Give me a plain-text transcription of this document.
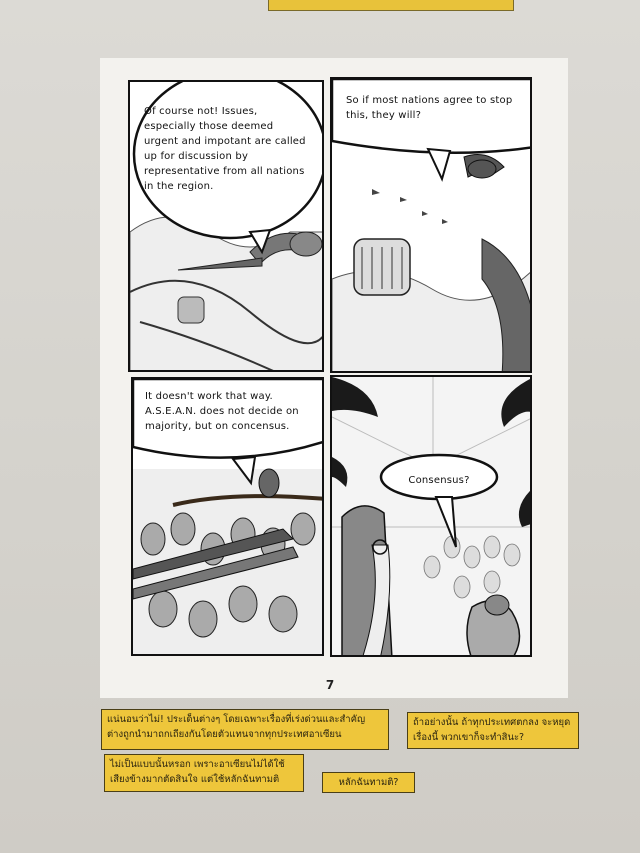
Of course not! Issues, especially those deemed urgent and impotant are called up for discussion by representative from all nations in the region.
So if most nations agree to stop this, they will?
It doesn't work that way. A.S.E.A.N. does not decide on majority, but on concensus.
Consensus?
7
แน่นอนว่าไม่! ประเด็นต่างๆ โดยเฉพาะเรื่องที่เร่งด่วนและสำคัญ ต่างถูกนำมาถกเถียงกันโดยตัวแทนจากทุกประเทศอาเซียน
ถ้าอย่างนั้น ถ้าทุกประเทศตกลง จะหยุดเรื่องนี้ พวกเขาก็จะทำสินะ?
ไม่เป็นแบบนั้นหรอก เพราะอาเซียนไม่ได้ใช้ เสียงข้างมากตัดสินใจ แต่ใช้หลักฉันทามติ	หลักฉันทามติ?
